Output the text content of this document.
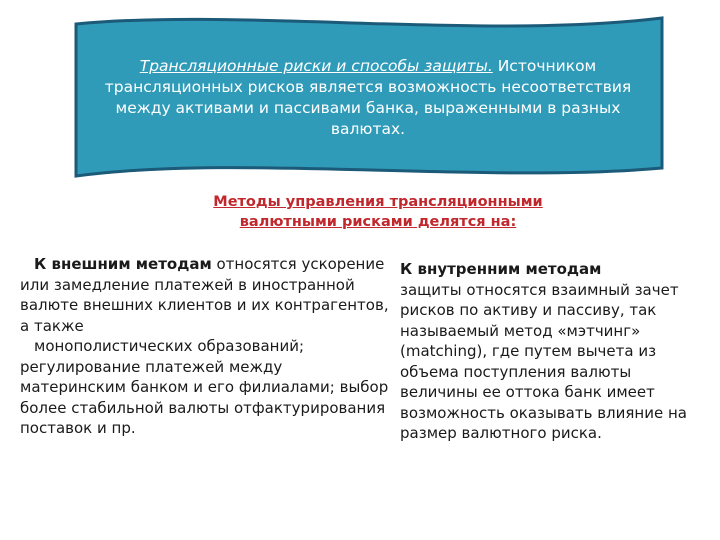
Трансляционные риски и способы защиты. Источником трансляционных рисков является возможность несоответствия между активами и пассивами банка, выраженными в разных валютах.
Методы управления трансляционными
валютными рисками делятся на:
К внешним методам относятся ускорение или замедление платежей в иностранной валюте внешних клиентов и их контрагентов, а также
монополистических образований; регулирование платежей между материнским банком и его филиалами; выбор более стабильной валюты отфактурирования поставок и пр.
К внутренним методам
защиты относятся взаимный зачет рисков по активу и пассиву, так называемый метод «мэтчинг» (matching), где путем вычета из объема поступления валюты величины ее оттока банк имеет возможность оказывать влияние на размер валютного риска.
